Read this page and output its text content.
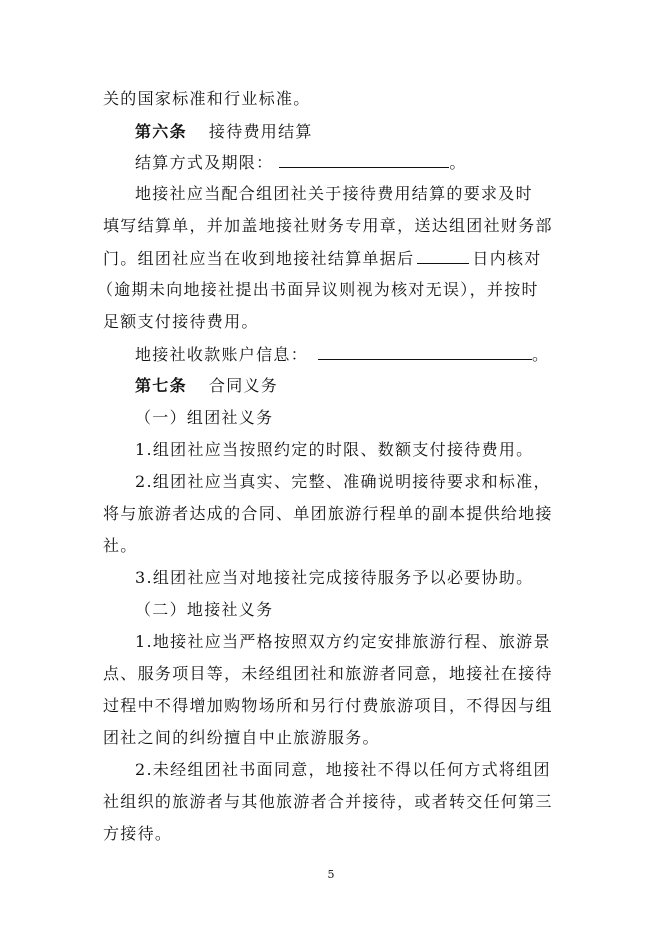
关的国家标准和行业标准。
第六条 接待费用结算
结算方式及期限：	。
地接社应当配合组团社关于接待费用结算的要求及时
填写结算单，并加盖地接社财务专用章，送达组团社财务部
门。组团社应当在收到地接社结算单据后	日内核对
（逾期未向地接社提出书面异议则视为核对无误），并按时
足额支付接待费用。
地接社收款账户信息：	。
第七条 合同义务
（一）组团社义务
1.组团社应当按照约定的时限、数额支付接待费用。
2.组团社应当真实、完整、准确说明接待要求和标准，
将与旅游者达成的合同、单团旅游行程单的副本提供给地接
社。
3.组团社应当对地接社完成接待服务予以必要协助。
（二）地接社义务
1.地接社应当严格按照双方约定安排旅游行程、旅游景
点、服务项目等，未经组团社和旅游者同意，地接社在接待
过程中不得增加购物场所和另行付费旅游项目，不得因与组
团社之间的纠纷擅自中止旅游服务。
2.未经组团社书面同意，地接社不得以任何方式将组团
社组织的旅游者与其他旅游者合并接待，或者转交任何第三
方接待。
5
